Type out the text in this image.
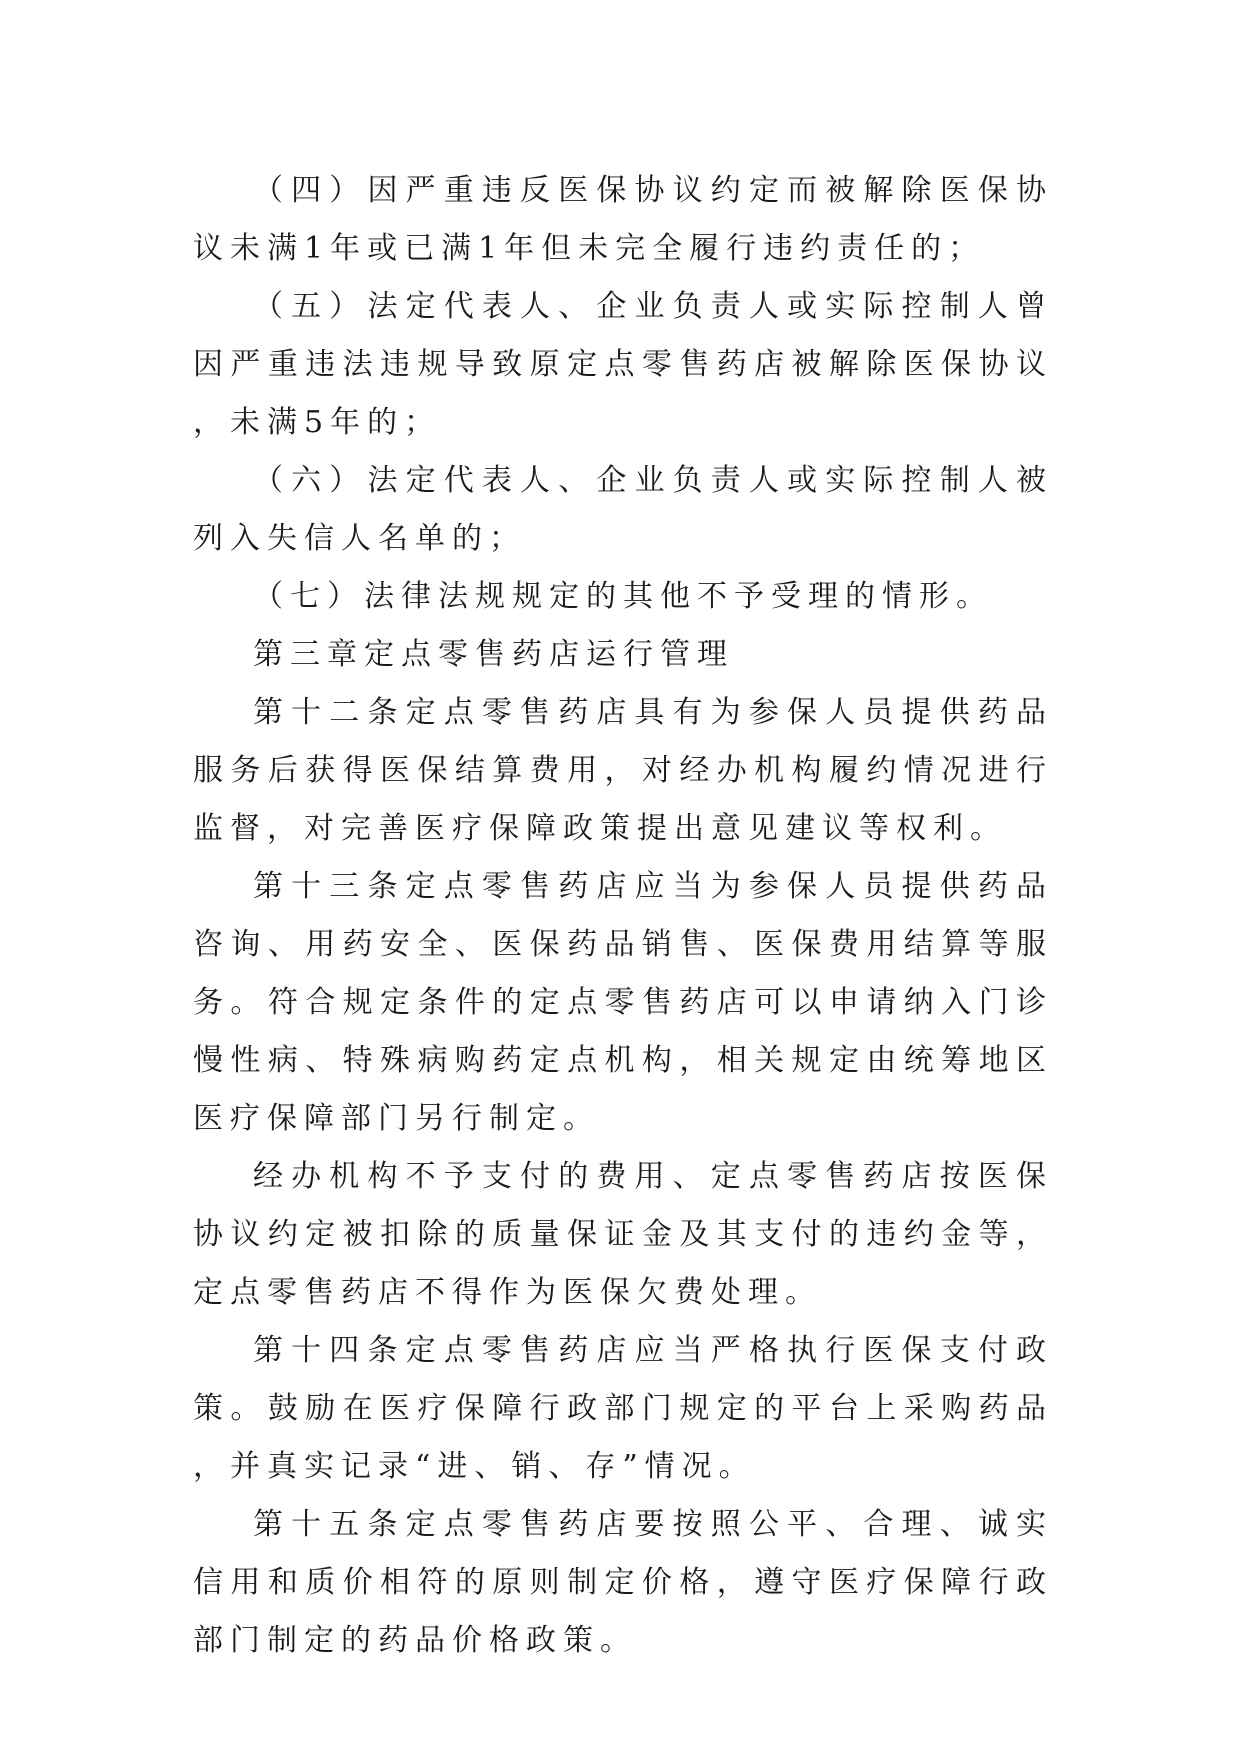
（四）因严重违反医保协议约定而被解除医保协议未满1年或已满1年但未完全履行违约责任的；

（五）法定代表人、企业负责人或实际控制人曾因严重违法违规导致原定点零售药店被解除医保协议，未满5年的；

（六）法定代表人、企业负责人或实际控制人被列入失信人名单的；

（七）法律法规规定的其他不予受理的情形。

第三章定点零售药店运行管理

第十二条定点零售药店具有为参保人员提供药品服务后获得医保结算费用，对经办机构履约情况进行监督，对完善医疗保障政策提出意见建议等权利。

第十三条定点零售药店应当为参保人员提供药品咨询、用药安全、医保药品销售、医保费用结算等服务。符合规定条件的定点零售药店可以申请纳入门诊慢性病、特殊病购药定点机构，相关规定由统筹地区医疗保障部门另行制定。

经办机构不予支付的费用、定点零售药店按医保协议约定被扣除的质量保证金及其支付的违约金等，定点零售药店不得作为医保欠费处理。

第十四条定点零售药店应当严格执行医保支付政策。鼓励在医疗保障行政部门规定的平台上采购药品，并真实记录“进、销、存”情况。

第十五条定点零售药店要按照公平、合理、诚实信用和质价相符的原则制定价格，遵守医疗保障行政部门制定的药品价格政策。
